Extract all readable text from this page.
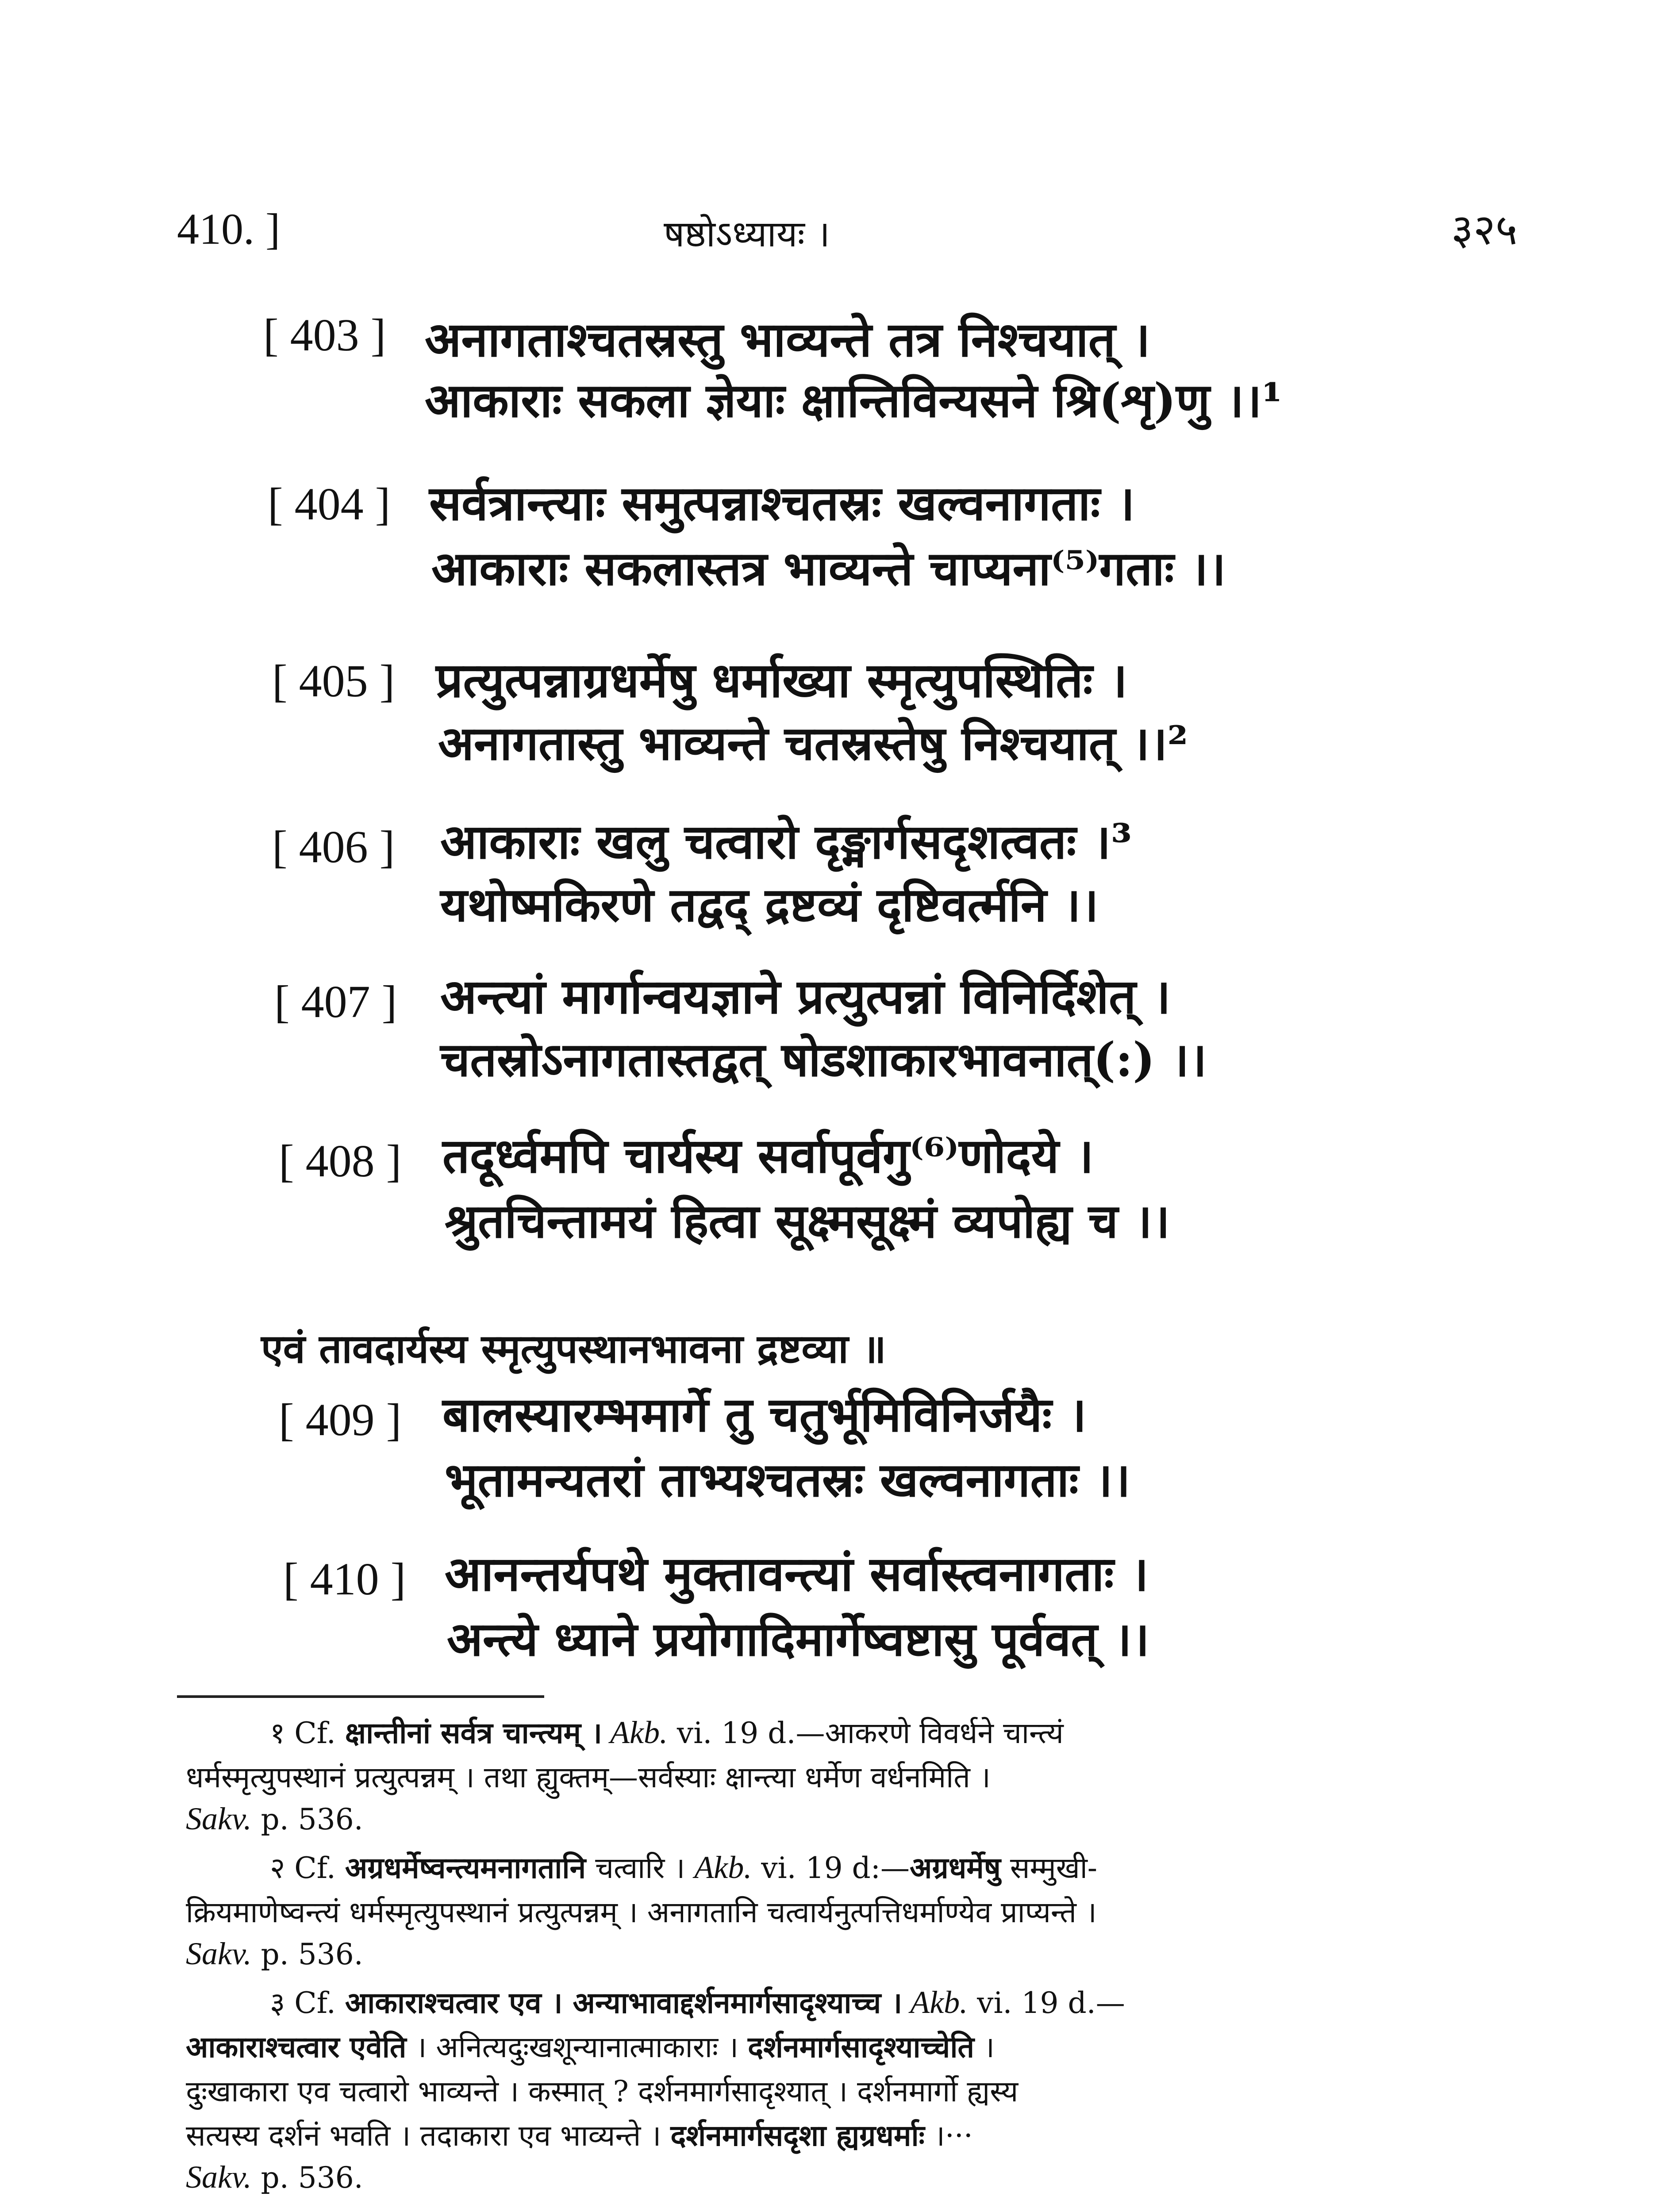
410. ]	षष्ठोऽध्यायः ।	३२५
[ 403 ] अनागताश्चतस्रस्तु भाव्यन्ते तत्र निश्चयात् ।
आकाराः सकला ज्ञेयाः क्षान्तिविन्यसने श्रि(शृ)णु ।।¹
[ 404 ] सर्वत्रान्त्याः समुत्पन्नाश्चतस्रः खल्वनागताः ।
आकाराः सकलास्तत्र भाव्यन्ते चाप्यना⁽⁵⁾गताः ।।
[ 405 ] प्रत्युत्पन्नाग्रधर्मेषु धर्माख्या स्मृत्युपस्थितिः ।
अनागतास्तु भाव्यन्ते चतस्रस्तेषु निश्चयात् ।।²
[ 406 ] आकाराः खलु चत्वारो दृङ्मार्गसदृशत्वतः ।³
यथोष्मकिरणे तद्वद् द्रष्टव्यं दृष्टिवर्त्मनि ।।
[ 407 ] अन्त्यां मार्गान्वयज्ञाने प्रत्युत्पन्नां विनिर्दिशेत् ।
चतस्रोऽनागतास्तद्वत् षोडशाकारभावनात्(:) ।।
[ 408 ] तदूर्ध्वमपि चार्यस्य सर्वापूर्वगु⁽⁶⁾णोदये ।
श्रुतचिन्तामयं हित्वा सूक्ष्मसूक्ष्मं व्यपोह्य च ।।
एवं तावदार्यस्य स्मृत्युपस्थानभावना द्रष्टव्या ॥
[ 409 ] बालस्यारम्भमार्गे तु चतुर्भूमिविनिर्जयैः ।
भूतामन्यतरां ताभ्यश्चतस्रः खल्वनागताः ।।
[ 410 ] आनन्तर्यपथे मुक्तावन्त्यां सर्वास्त्वनागताः ।
अन्त्ये ध्याने प्रयोगादिमार्गेष्वष्टासु पूर्ववत् ।।
१ Cf. क्षान्तीनां सर्वत्र चान्त्यम् । Akb. vi. 19 d.—आकरणे विवर्धने चान्त्यं
धर्मस्मृत्युपस्थानं प्रत्युत्पन्नम् । तथा ह्युक्तम्—सर्वस्याः क्षान्त्या धर्मेण वर्धनमिति ।
Sakv. p. 536.
२ Cf. अग्रधर्मेष्वन्त्यमनागतानि चत्वारि । Akb. vi. 19 d:—अग्रधर्मेषु सम्मुखी-
क्रियमाणेष्वन्त्यं धर्मस्मृत्युपस्थानं प्रत्युत्पन्नम् । अनागतानि चत्वार्यनुत्पत्तिधर्माण्येव प्राप्यन्ते ।
Sakv. p. 536.
३ Cf. आकाराश्चत्वार एव । अन्याभावाद्दर्शनमार्गसादृश्याच्च । Akb. vi. 19 d.—
आकाराश्चत्वार एवेति । अनित्यदुःखशून्यानात्माकाराः । दर्शनमार्गसादृश्याच्चेति ।
दुःखाकारा एव चत्वारो भाव्यन्ते । कस्मात् ? दर्शनमार्गसादृश्यात् । दर्शनमार्गो ह्यस्य
सत्यस्य दर्शनं भवति । तदाकारा एव भाव्यन्ते । दर्शनमार्गसदृशा ह्यग्रधर्माः ।···
Sakv. p. 536.
